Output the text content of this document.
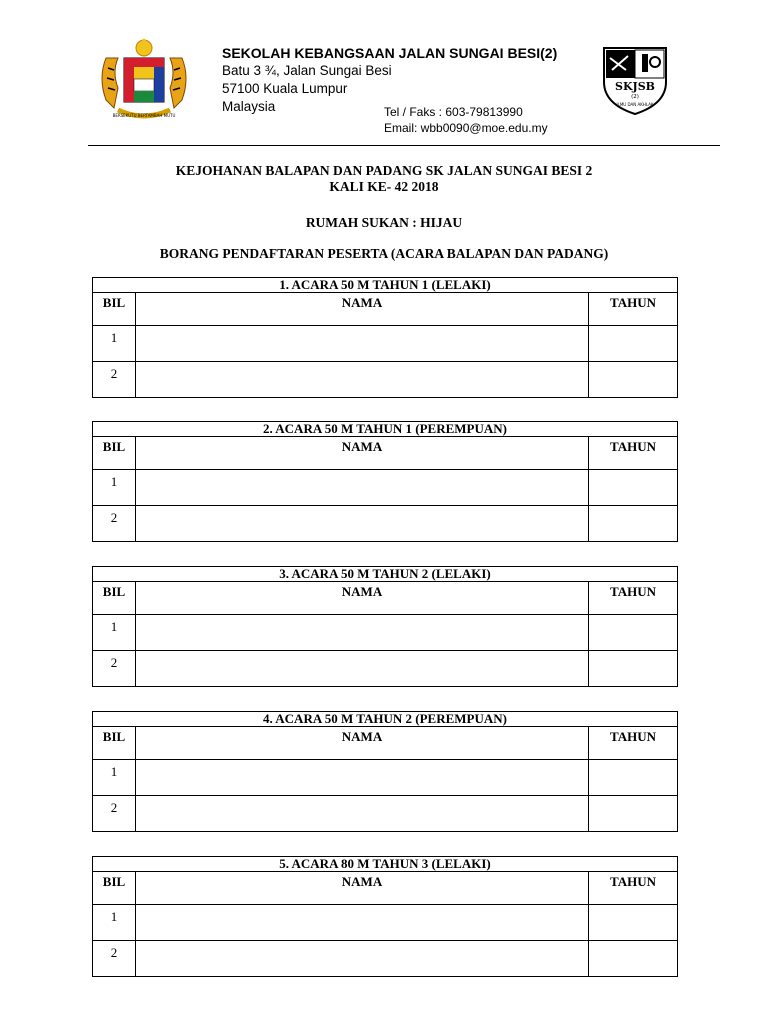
BERSEKUTU BERTAMBAH MUTU
SEKOLAH KEBANGSAAN JALAN SUNGAI BESI(2)
Batu 3 ¾, Jalan Sungai Besi
57100 Kuala Lumpur
Malaysia	Tel / Faks : 603-79813990
Email: wbb0090@moe.edu.my
SKJSB
(2)
ILMU DAN AKHLAK
KEJOHANAN BALAPAN DAN PADANG SK JALAN SUNGAI BESI 2
KALI KE- 42 2018
RUMAH SUKAN : HIJAU
BORANG PENDAFTARAN PESERTA (ACARA BALAPAN DAN PADANG)
1. ACARA 50 M TAHUN 1 (LELAKI)		
BIL	NAMA	TAHUN
1		
2		
2. ACARA 50 M TAHUN 1 (PEREMPUAN)		
BIL	NAMA	TAHUN
1		
2		
3. ACARA 50 M TAHUN 2 (LELAKI)		
BIL	NAMA	TAHUN
1		
2		
4. ACARA 50 M TAHUN 2 (PEREMPUAN)		
BIL	NAMA	TAHUN
1		
2		
5. ACARA 80 M TAHUN 3 (LELAKI)		
BIL	NAMA	TAHUN
1		
2		
